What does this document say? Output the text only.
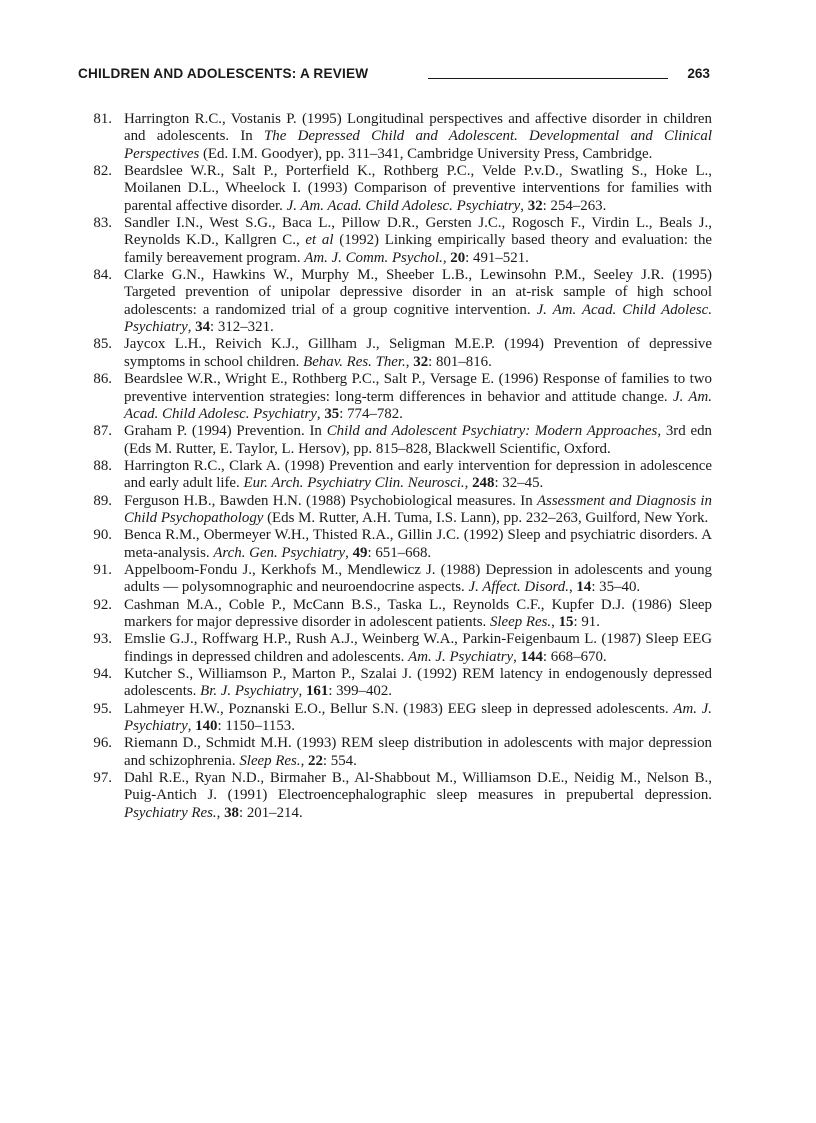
CHILDREN AND ADOLESCENTS: A REVIEW	263
81. Harrington R.C., Vostanis P. (1995) Longitudinal perspectives and affective disorder in children and adolescents. In The Depressed Child and Adolescent. Developmental and Clinical Perspectives (Ed. I.M. Goodyer), pp. 311–341, Cambridge University Press, Cambridge.
82. Beardslee W.R., Salt P., Porterfield K., Rothberg P.C., Velde P.v.D., Swatling S., Hoke L., Moilanen D.L., Wheelock I. (1993) Comparison of preventive interventions for families with parental affective disorder. J. Am. Acad. Child Adolesc. Psychiatry, 32: 254–263.
83. Sandler I.N., West S.G., Baca L., Pillow D.R., Gersten J.C., Rogosch F., Virdin L., Beals J., Reynolds K.D., Kallgren C., et al (1992) Linking empirically based theory and evaluation: the family bereavement program. Am. J. Comm. Psychol., 20: 491–521.
84. Clarke G.N., Hawkins W., Murphy M., Sheeber L.B., Lewinsohn P.M., Seeley J.R. (1995) Targeted prevention of unipolar depressive disorder in an at-risk sample of high school adolescents: a randomized trial of a group cognitive intervention. J. Am. Acad. Child Adolesc. Psychiatry, 34: 312–321.
85. Jaycox L.H., Reivich K.J., Gillham J., Seligman M.E.P. (1994) Prevention of depressive symptoms in school children. Behav. Res. Ther., 32: 801–816.
86. Beardslee W.R., Wright E., Rothberg P.C., Salt P., Versage E. (1996) Response of families to two preventive intervention strategies: long-term differences in behavior and attitude change. J. Am. Acad. Child Adolesc. Psychiatry, 35: 774–782.
87. Graham P. (1994) Prevention. In Child and Adolescent Psychiatry: Modern Approaches, 3rd edn (Eds M. Rutter, E. Taylor, L. Hersov), pp. 815–828, Blackwell Scientific, Oxford.
88. Harrington R.C., Clark A. (1998) Prevention and early intervention for depression in adolescence and early adult life. Eur. Arch. Psychiatry Clin. Neurosci., 248: 32–45.
89. Ferguson H.B., Bawden H.N. (1988) Psychobiological measures. In Assessment and Diagnosis in Child Psychopathology (Eds M. Rutter, A.H. Tuma, I.S. Lann), pp. 232–263, Guilford, New York.
90. Benca R.M., Obermeyer W.H., Thisted R.A., Gillin J.C. (1992) Sleep and psychiatric disorders. A meta-analysis. Arch. Gen. Psychiatry, 49: 651–668.
91. Appelboom-Fondu J., Kerkhofs M., Mendlewicz J. (1988) Depression in adolescents and young adults — polysomnographic and neuroendocrine aspects. J. Affect. Disord., 14: 35–40.
92. Cashman M.A., Coble P., McCann B.S., Taska L., Reynolds C.F., Kupfer D.J. (1986) Sleep markers for major depressive disorder in adolescent patients. Sleep Res., 15: 91.
93. Emslie G.J., Roffwarg H.P., Rush A.J., Weinberg W.A., Parkin-Feigenbaum L. (1987) Sleep EEG findings in depressed children and adolescents. Am. J. Psychiatry, 144: 668–670.
94. Kutcher S., Williamson P., Marton P., Szalai J. (1992) REM latency in endogenously depressed adolescents. Br. J. Psychiatry, 161: 399–402.
95. Lahmeyer H.W., Poznanski E.O., Bellur S.N. (1983) EEG sleep in depressed adolescents. Am. J. Psychiatry, 140: 1150–1153.
96. Riemann D., Schmidt M.H. (1993) REM sleep distribution in adolescents with major depression and schizophrenia. Sleep Res., 22: 554.
97. Dahl R.E., Ryan N.D., Birmaher B., Al-Shabbout M., Williamson D.E., Neidig M., Nelson B., Puig-Antich J. (1991) Electroencephalographic sleep measures in prepubertal depression. Psychiatry Res., 38: 201–214.
